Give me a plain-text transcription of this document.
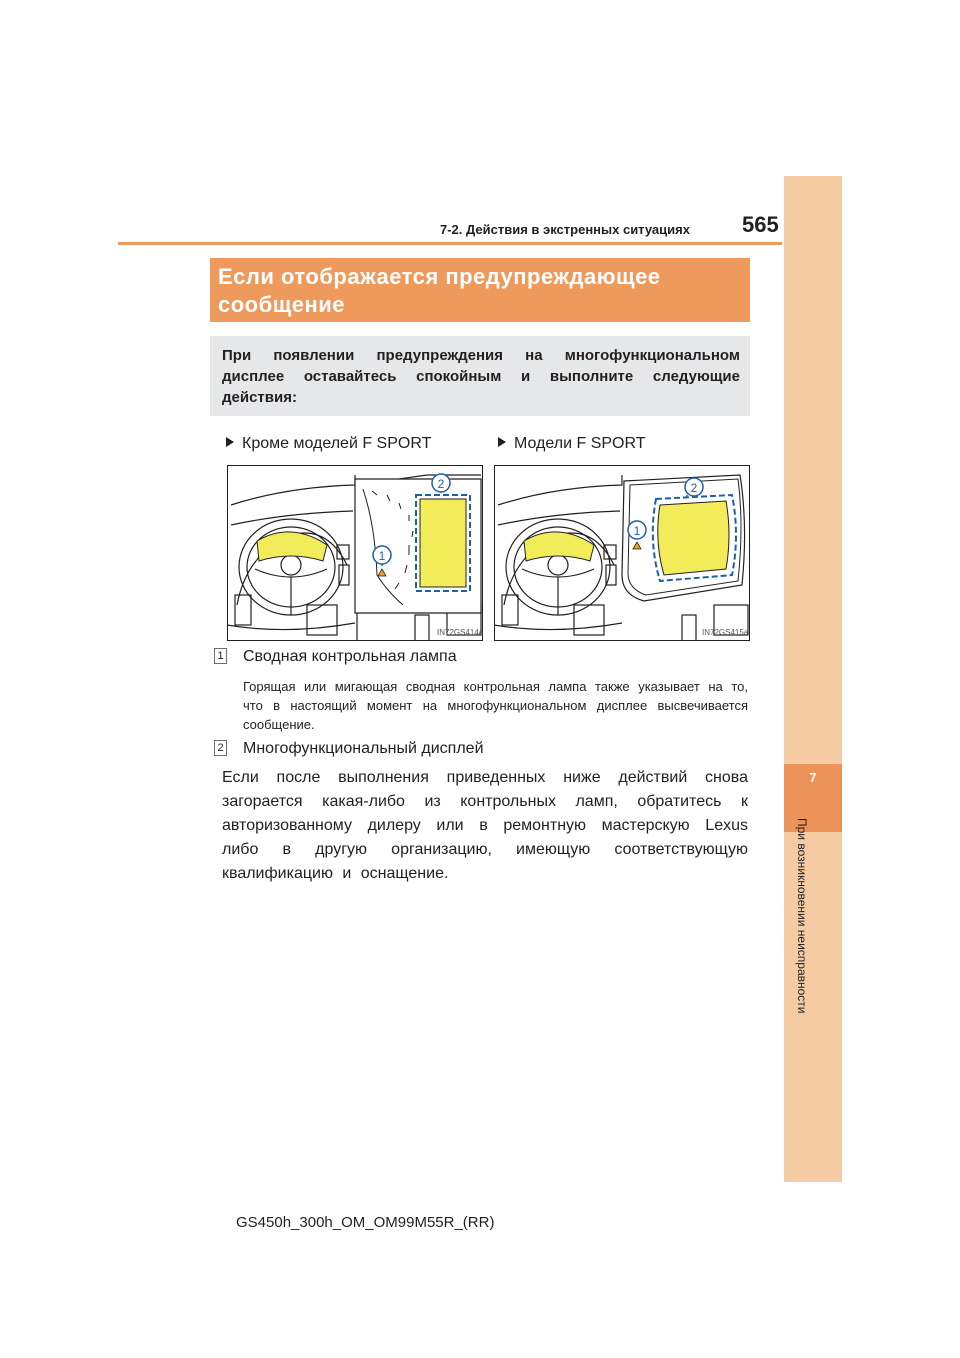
7-2. Действия в экстренных ситуациях 565
7
При возникновении неисправности
Если отображается предупреждающее сообщение
При появлении предупреждения на многофункциональном дисплее оставайтесь спокойным и выполните следующие действия:
Кроме моделей F SPORT	Модели F SPORT
2
1
IN72GS414a
2
1
IN72GS415a
1 Сводная контрольная лампа
Горящая или мигающая сводная контрольная лампа также указывает на то, что в настоящий момент на многофункциональном дисплее высвечивается сообщение.
2 Многофункциональный дисплей
Если после выполнения приведенных ниже действий снова загорается какая-либо из контрольных ламп, обратитесь к авторизованному дилеру или в ремонтную мастерскую Lexus либо в другую организацию, имеющую соответствующую квалификацию и оснащение.
GS450h_300h_OM_OM99M55R_(RR)
